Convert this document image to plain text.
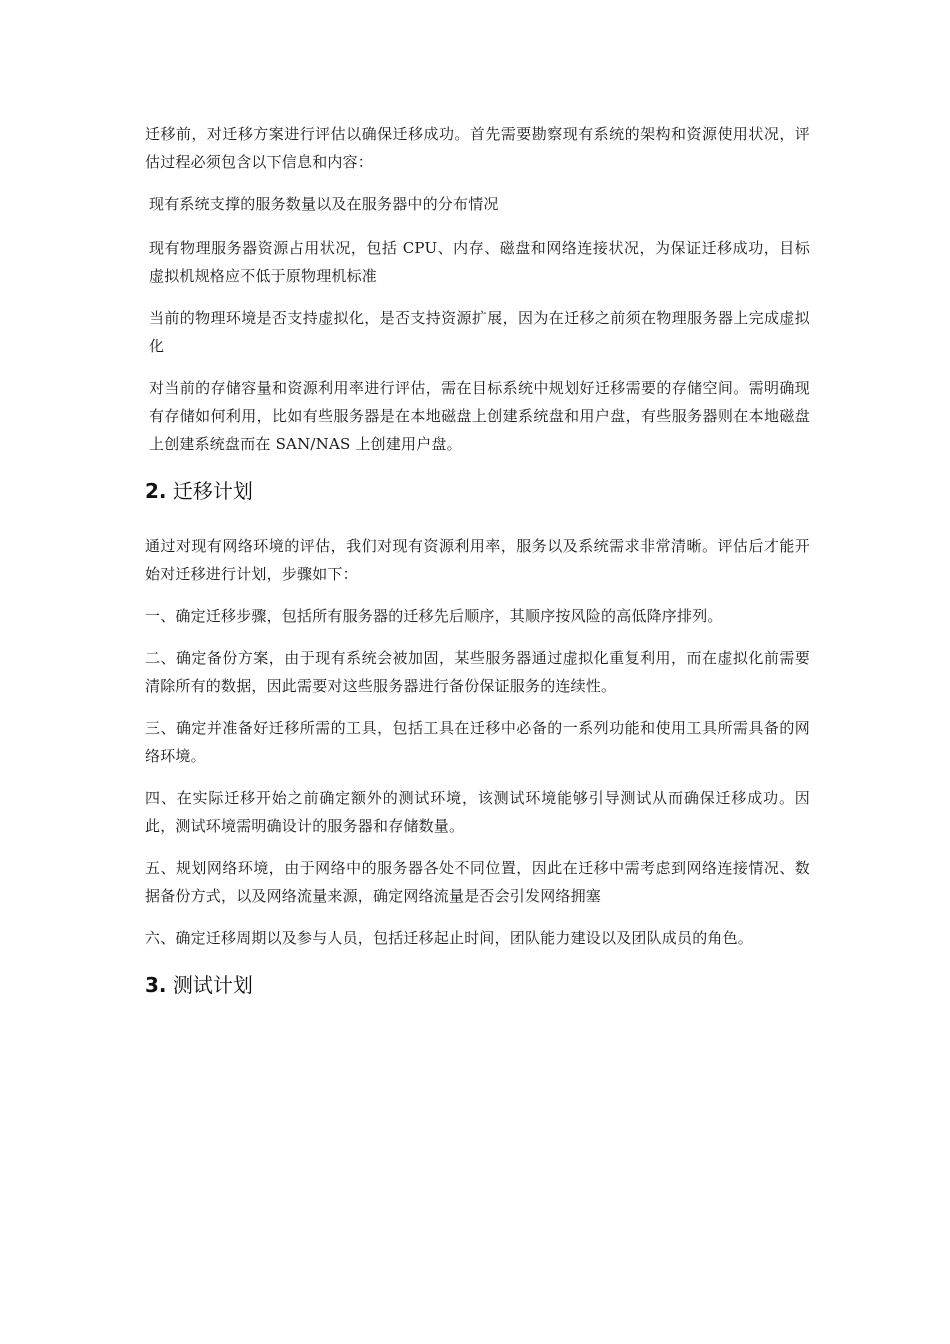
迁移前，对迁移方案进行评估以确保迁移成功。首先需要勘察现有系统的架构和资源使用状况，评估过程必须包含以下信息和内容：

现有系统支撑的服务数量以及在服务器中的分布情况

现有物理服务器资源占用状况，包括 CPU、内存、磁盘和网络连接状况，为保证迁移成功，目标虚拟机规格应不低于原物理机标准

当前的物理环境是否支持虚拟化，是否支持资源扩展，因为在迁移之前须在物理服务器上完成虚拟化

对当前的存储容量和资源利用率进行评估，需在目标系统中规划好迁移需要的存储空间。需明确现有存储如何利用，比如有些服务器是在本地磁盘上创建系统盘和用户盘，有些服务器则在本地磁盘上创建系统盘而在 SAN/NAS 上创建用户盘。

2. 迁移计划

通过对现有网络环境的评估，我们对现有资源利用率，服务以及系统需求非常清晰。评估后才能开始对迁移进行计划，步骤如下：

一、确定迁移步骤，包括所有服务器的迁移先后顺序，其顺序按风险的高低降序排列。

二、确定备份方案，由于现有系统会被加固，某些服务器通过虚拟化重复利用，而在虚拟化前需要清除所有的数据，因此需要对这些服务器进行备份保证服务的连续性。

三、确定并准备好迁移所需的工具，包括工具在迁移中必备的一系列功能和使用工具所需具备的网络环境。

四、在实际迁移开始之前确定额外的测试环境，该测试环境能够引导测试从而确保迁移成功。因此，测试环境需明确设计的服务器和存储数量。

五、规划网络环境，由于网络中的服务器各处不同位置，因此在迁移中需考虑到网络连接情况、数据备份方式，以及网络流量来源，确定网络流量是否会引发网络拥塞

六、确定迁移周期以及参与人员，包括迁移起止时间，团队能力建设以及团队成员的角色。

3. 测试计划
